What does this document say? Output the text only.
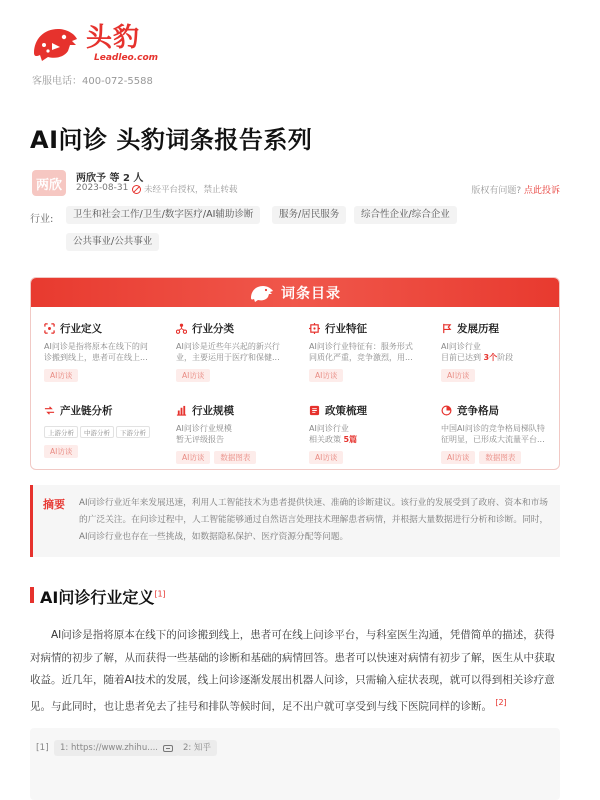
头豹
Leadleo.com
客服电话：400-072-5588
AI问诊 头豹词条报告系列
两欣	两欣予 等 2 人
2023-08-31 未经平台授权，禁止转载	版权有问题? 点此投诉
行业:	卫生和社会工作/卫生/数字医疗/AI辅助诊断	服务/居民服务	综合性企业/综合企业
公共事业/公共事业
词条目录
行业定义
AI问诊是指将原本在线下的问
诊搬到线上，患者可在线上...
AI访谈
行业分类
AI问诊是近些年兴起的新兴行
业，主要运用于医疗和保健...
AI访谈
行业特征
AI问诊行业特征有：服务形式
同质化严重，竞争激烈，用...
AI访谈
发展历程
AI问诊行业
目前已达到 3个阶段
AI访谈
产业链分析
上游分析 中游分析 下游分析
AI访谈
行业规模
AI问诊行业规模
暂无评级报告
AI访谈 数据图表
政策梳理
AI问诊行业
相关政策 5篇
AI访谈
竞争格局
中国AI问诊的竞争格局梯队特
征明显，已形成大流量平台...
AI访谈 数据图表
摘要 AI问诊行业近年来发展迅速，利用人工智能技术为患者提供快速、准确的诊断建议。该行业的发展受到了政府、资本和市场的广泛关注。在问诊过程中，人工智能能够通过自然语言处理技术理解患者病情，并根据大量数据进行分析和诊断。同时，AI问诊行业也存在一些挑战，如数据隐私保护、医疗资源分配等问题。

AI问诊行业定义[1]

  AI问诊是指将原本在线下的问诊搬到线上，患者可在线上问诊平台，与科室医生沟通，凭借简单的描述，获得对病情的初步了解，从而获得一些基础的诊断和基础的病情回答。患者可以快速对病情有初步了解，医生从中获取收益。近几年，随着AI技术的发展，线上问诊逐渐发展出机器人问诊，只需输入症状表现，就可以得到相关诊疗意见。与此同时，也让患者免去了挂号和排队等候时间，足不出户就可享受到与线下医院同样的诊断。 [2]

[1] 1: https://www.zhihu....	2: 知乎
